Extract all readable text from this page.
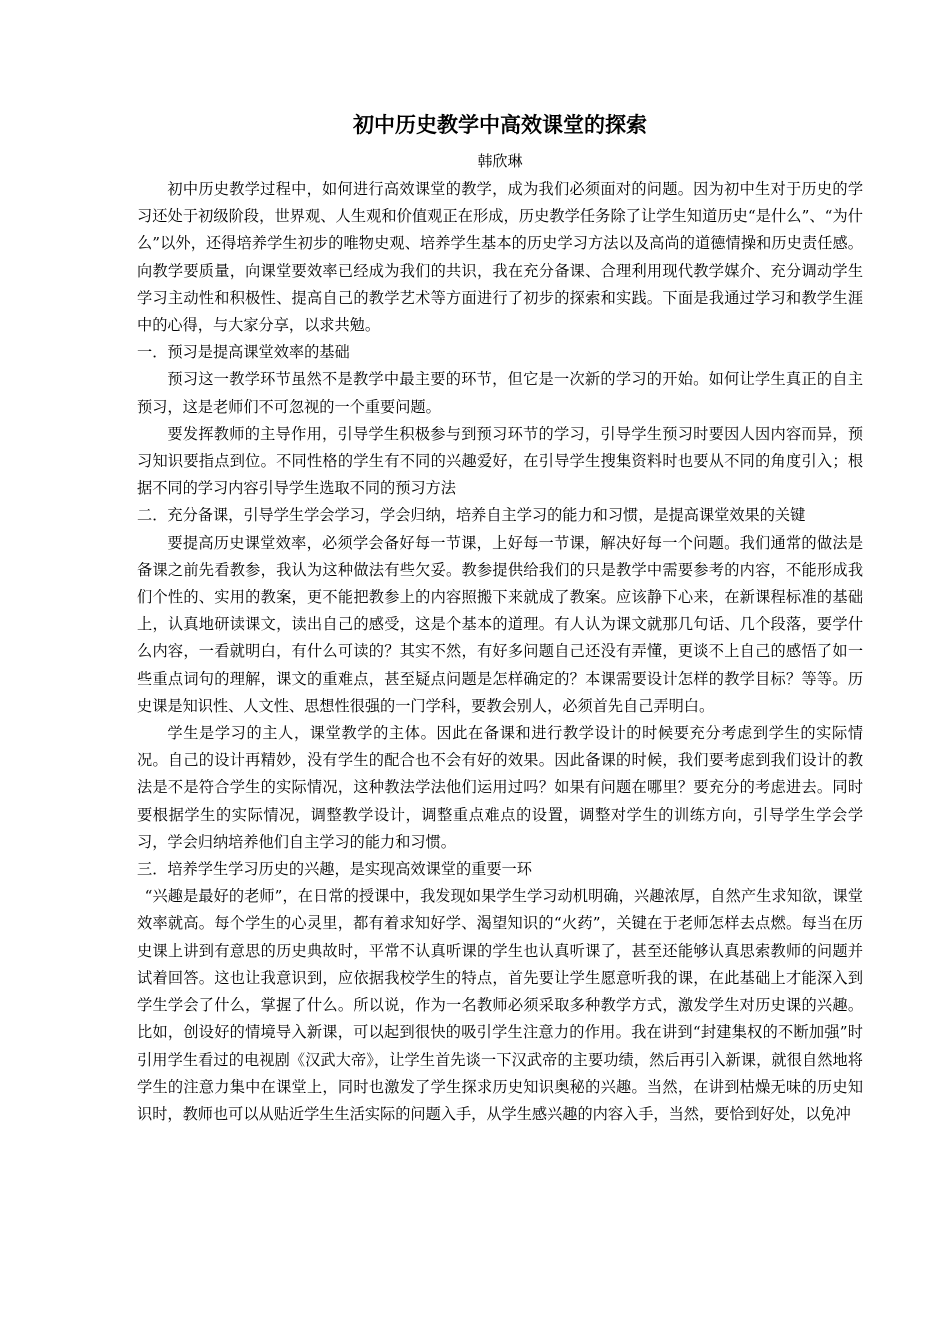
初中历史教学中高效课堂的探索
韩欣琳

初中历史教学过程中，如何进行高效课堂的教学，成为我们必须面对的问题。因为初中生对于历史的学习还处于初级阶段，世界观、人生观和价值观正在形成，历史教学任务除了让学生知道历史“是什么”、“为什么”以外，还得培养学生初步的唯物史观、培养学生基本的历史学习方法以及高尚的道德情操和历史责任感。向教学要质量，向课堂要效率已经成为我们的共识，我在充分备课、合理利用现代教学媒介、充分调动学生学习主动性和积极性、提高自己的教学艺术等方面进行了初步的探索和实践。下面是我通过学习和教学生涯中的心得，与大家分享，以求共勉。

一．预习是提高课堂效率的基础

预习这一教学环节虽然不是教学中最主要的环节，但它是一次新的学习的开始。如何让学生真正的自主预习，这是老师们不可忽视的一个重要问题。

要发挥教师的主导作用，引导学生积极参与到预习环节的学习，引导学生预习时要因人因内容而异，预习知识要指点到位。不同性格的学生有不同的兴趣爱好，在引导学生搜集资料时也要从不同的角度引入；根据不同的学习内容引导学生选取不同的预习方法

二．充分备课，引导学生学会学习，学会归纳，培养自主学习的能力和习惯，是提高课堂效果的关键

要提高历史课堂效率，必须学会备好每一节课，上好每一节课，解决好每一个问题。我们通常的做法是备课之前先看教参，我认为这种做法有些欠妥。教参提供给我们的只是教学中需要参考的内容，不能形成我们个性的、实用的教案，更不能把教参上的内容照搬下来就成了教案。应该静下心来，在新课程标准的基础上，认真地研读课文，读出自己的感受，这是个基本的道理。有人认为课文就那几句话、几个段落，要学什么内容，一看就明白，有什么可读的？其实不然，有好多问题自己还没有弄懂，更谈不上自己的感悟了如一些重点词句的理解，课文的重难点，甚至疑点问题是怎样确定的？本课需要设计怎样的教学目标？等等。历史课是知识性、人文性、思想性很强的一门学科，要教会别人，必须首先自己弄明白。

学生是学习的主人，课堂教学的主体。因此在备课和进行教学设计的时候要充分考虑到学生的实际情况。自己的设计再精妙，没有学生的配合也不会有好的效果。因此备课的时候，我们要考虑到我们设计的教法是不是符合学生的实际情况，这种教法学法他们运用过吗？如果有问题在哪里？要充分的考虑进去。同时要根据学生的实际情况，调整教学设计，调整重点难点的设置，调整对学生的训练方向，引导学生学会学习，学会归纳培养他们自主学习的能力和习惯。

三．培养学生学习历史的兴趣，是实现高效课堂的重要一环

“兴趣是最好的老师”，在日常的授课中，我发现如果学生学习动机明确，兴趣浓厚，自然产生求知欲，课堂效率就高。每个学生的心灵里，都有着求知好学、渴望知识的“火药”，关键在于老师怎样去点燃。每当在历史课上讲到有意思的历史典故时，平常不认真听课的学生也认真听课了，甚至还能够认真思索教师的问题并试着回答。这也让我意识到，应依据我校学生的特点，首先要让学生愿意听我的课，在此基础上才能深入到学生学会了什么，掌握了什么。所以说，作为一名教师必须采取多种教学方式，激发学生对历史课的兴趣。比如，创设好的情境导入新课，可以起到很快的吸引学生注意力的作用。我在讲到“封建集权的不断加强”时引用学生看过的电视剧《汉武大帝》，让学生首先谈一下汉武帝的主要功绩，然后再引入新课，就很自然地将学生的注意力集中在课堂上，同时也激发了学生探求历史知识奥秘的兴趣。当然，在讲到枯燥无味的历史知识时，教师也可以从贴近学生生活实际的问题入手，从学生感兴趣的内容入手，当然，要恰到好处，以免冲
